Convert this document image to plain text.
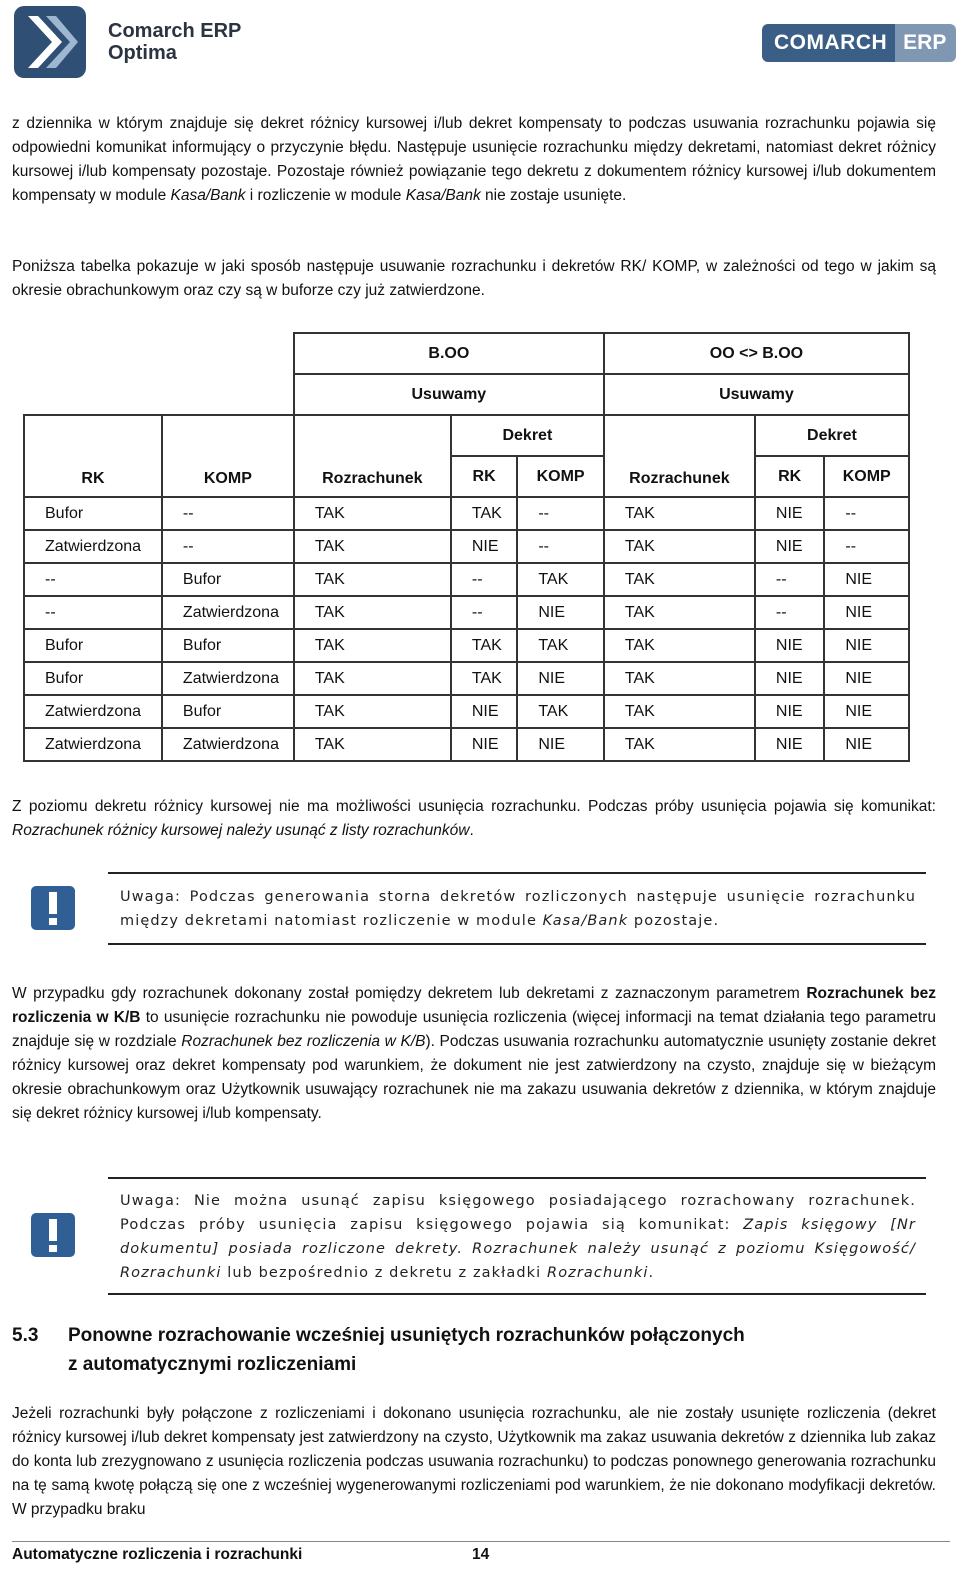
Comarch ERP
Optima	COMARCH ERP

z dziennika w którym znajduje się dekret różnicy kursowej i/lub dekret kompensaty to podczas usuwania rozrachunku pojawia się odpowiedni komunikat informujący o przyczynie błędu. Następuje usunięcie rozrachunku między dekretami, natomiast dekret różnicy kursowej i/lub kompensaty pozostaje. Pozostaje również powiązanie tego dekretu z dokumentem różnicy kursowej i/lub dokumentem kompensaty w module Kasa/Bank i rozliczenie w module Kasa/Bank nie zostaje usunięte.

Poniższa tabelka pokazuje w jaki sposób następuje usuwanie rozrachunku i dekretów RK/ KOMP, w zależności od tego w jakim są okresie obrachunkowym oraz czy są w buforze czy już zatwierdzone.

		B.OO			OO <> B.OO		
		Usuwamy			Usuwamy		
RK	KOMP	Rozrachunek	Dekret		Rozrachunek	Dekret	
			RK	KOMP		RK	KOMP
Bufor	--	TAK	TAK	--	TAK	NIE	--
Zatwierdzona	--	TAK	NIE	--	TAK	NIE	--
--	Bufor	TAK	--	TAK	TAK	--	NIE
--	Zatwierdzona	TAK	--	NIE	TAK	--	NIE
Bufor	Bufor	TAK	TAK	TAK	TAK	NIE	NIE
Bufor	Zatwierdzona	TAK	TAK	NIE	TAK	NIE	NIE
Zatwierdzona	Bufor	TAK	NIE	TAK	TAK	NIE	NIE
Zatwierdzona	Zatwierdzona	TAK	NIE	NIE	TAK	NIE	NIE

Z poziomu dekretu różnicy kursowej nie ma możliwości usunięcia rozrachunku. Podczas próby usunięcia pojawia się komunikat: Rozrachunek różnicy kursowej należy usunąć z listy rozrachunków.

Uwaga: Podczas generowania storna dekretów rozliczonych następuje usunięcie rozrachunku między dekretami natomiast rozliczenie w module Kasa/Bank pozostaje.

W przypadku gdy rozrachunek dokonany został pomiędzy dekretem lub dekretami z zaznaczonym parametrem Rozrachunek bez rozliczenia w K/B to usunięcie rozrachunku nie powoduje usunięcia rozliczenia (więcej informacji na temat działania tego parametru znajduje się w rozdziale Rozrachunek bez rozliczenia w K/B). Podczas usuwania rozrachunku automatycznie usunięty zostanie dekret różnicy kursowej oraz dekret kompensaty pod warunkiem, że dokument nie jest zatwierdzony na czysto, znajduje się w bieżącym okresie obrachunkowym oraz Użytkownik usuwający rozrachunek nie ma zakazu usuwania dekretów z dziennika, w którym znajduje się dekret różnicy kursowej i/lub kompensaty.

Uwaga: Nie można usunąć zapisu księgowego posiadającego rozrachowany rozrachunek. Podczas próby usunięcia zapisu księgowego pojawia sią komunikat: Zapis księgowy [Nr dokumentu] posiada rozliczone dekrety. Rozrachunek należy usunąć z poziomu Księgowość/ Rozrachunki lub bezpośrednio z dekretu z zakładki Rozrachunki.
5.3 Ponowne rozrachowanie wcześniej usuniętych rozrachunków połączonych
z automatycznymi rozliczeniami

Jeżeli rozrachunki były połączone z rozliczeniami i dokonano usunięcia rozrachunku, ale nie zostały usunięte rozliczenia (dekret różnicy kursowej i/lub dekret kompensaty jest zatwierdzony na czysto, Użytkownik ma zakaz usuwania dekretów z dziennika lub zakaz do konta lub zrezygnowano z usunięcia rozliczenia podczas usuwania rozrachunku) to podczas ponownego generowania rozrachunku na tę samą kwotę połączą się one z wcześniej wygenerowanymi rozliczeniami pod warunkiem, że nie dokonano modyfikacji dekretów. W przypadku braku

Automatyczne rozliczenia i rozrachunki	14
